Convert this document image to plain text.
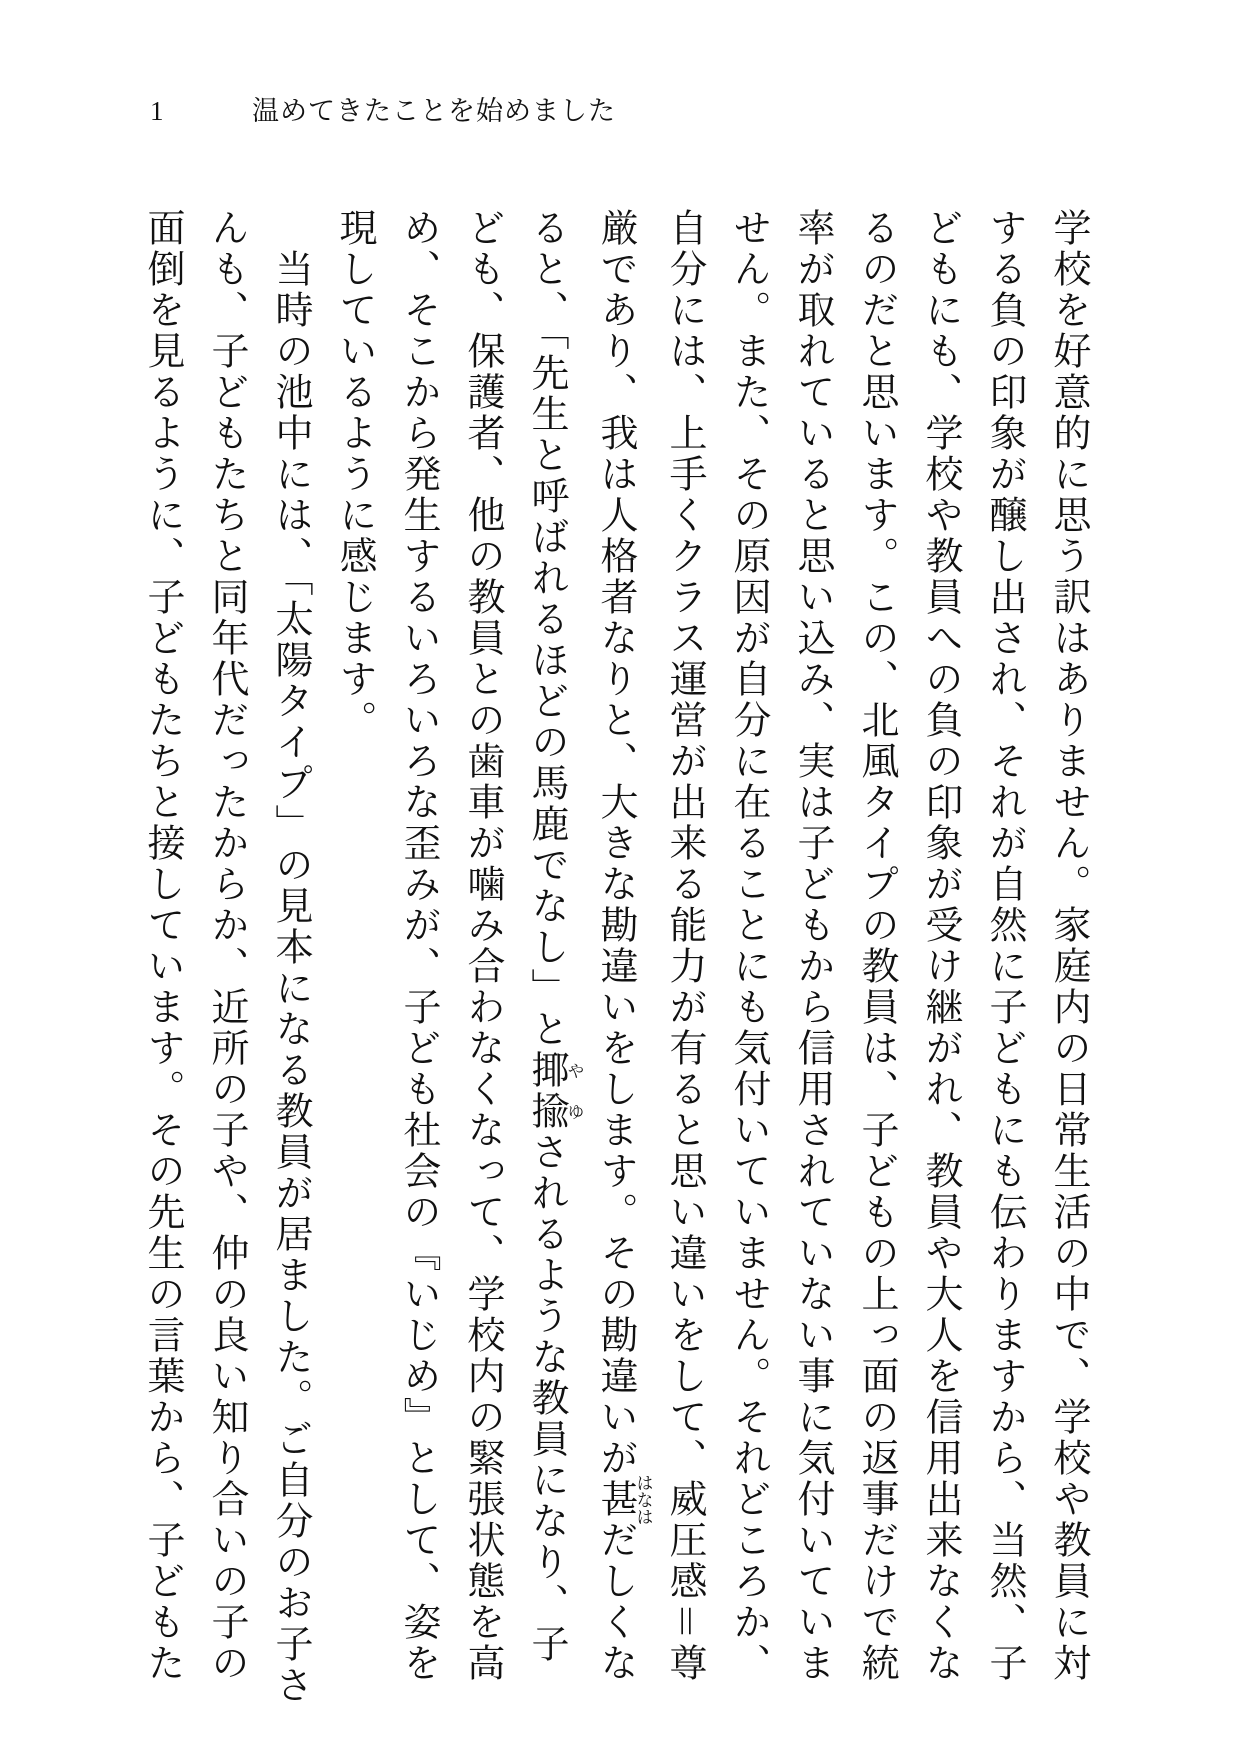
1	温めてきたことを始めました
学校を好意的に思う訳はありません。家庭内の日常生活の中で、学校や教員に対
する負の印象が醸し出され、それが自然に子どもにも伝わりますから、当然、子
どもにも、学校や教員への負の印象が受け継がれ、教員や大人を信用出来なくな
るのだと思います。この、北風タイプの教員は、子どもの上っ面の返事だけで統
率が取れていると思い込み、実は子どもから信用されていない事に気付いていま
せん。また、その原因が自分に在ることにも気付いていません。それどころか、
自分には、上手くクラス運営が出来る能力が有ると思い違いをして、威圧感＝尊
厳であり、我は人格者なりと、大きな勘違いをします。その勘違いが甚はなはだしくな
ると、「先生と呼ばれるほどの馬鹿でなし」と揶揄やゆされるような教員になり、子
ども、保護者、他の教員との歯車が噛み合わなくなって、学校内の緊張状態を高
め、そこから発生するいろいろな歪みが、子ども社会の『いじめ』として、姿を
現しているように感じます。
　当時の池中には、「太陽タイプ」の見本になる教員が居ました。ご自分のお子さ
んも、子どもたちと同年代だったからか、近所の子や、仲の良い知り合いの子の
面倒を見るように、子どもたちと接しています。その先生の言葉から、子どもた
